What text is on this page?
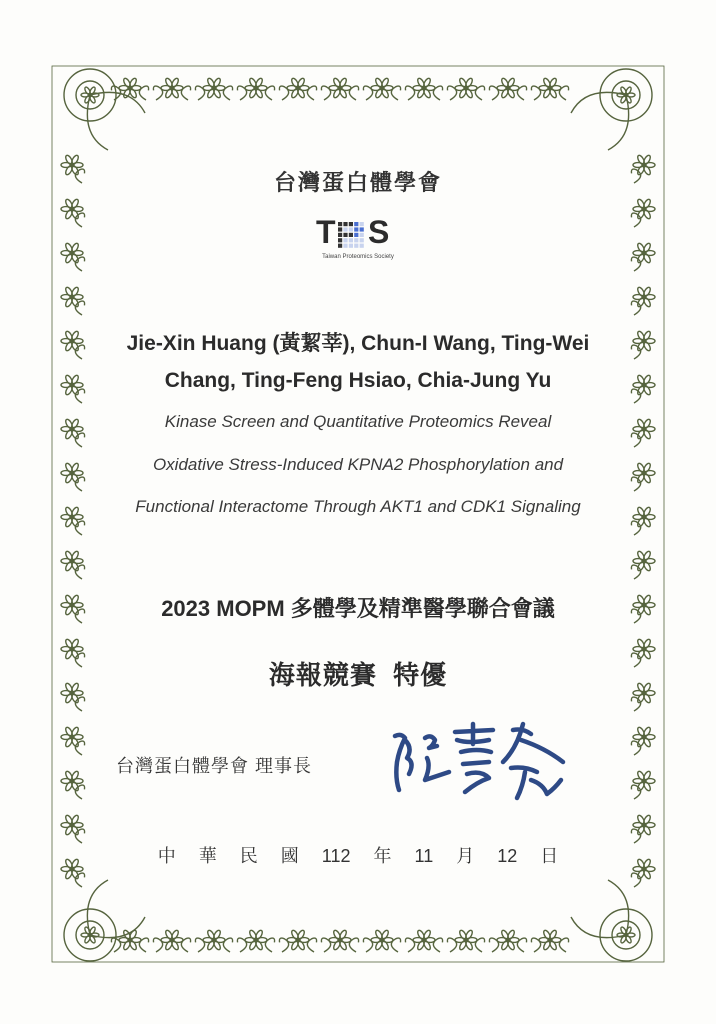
台灣蛋白體學會
T S
Taiwan Proteomics Society
Jie-Xin Huang (黃絜莘), Chun-I Wang, Ting-Wei
Chang, Ting-Feng Hsiao, Chia-Jung Yu
Kinase Screen and Quantitative Proteomics Reveal
Oxidative Stress-Induced KPNA2 Phosphorylation and
Functional Interactome Through AKT1 and CDK1 Signaling
2023 MOPM 多體學及精準醫學聯合會議
海報競賽 特優
台灣蛋白體學會 理事長
中 華 民 國 112 年 11 月 12 日
